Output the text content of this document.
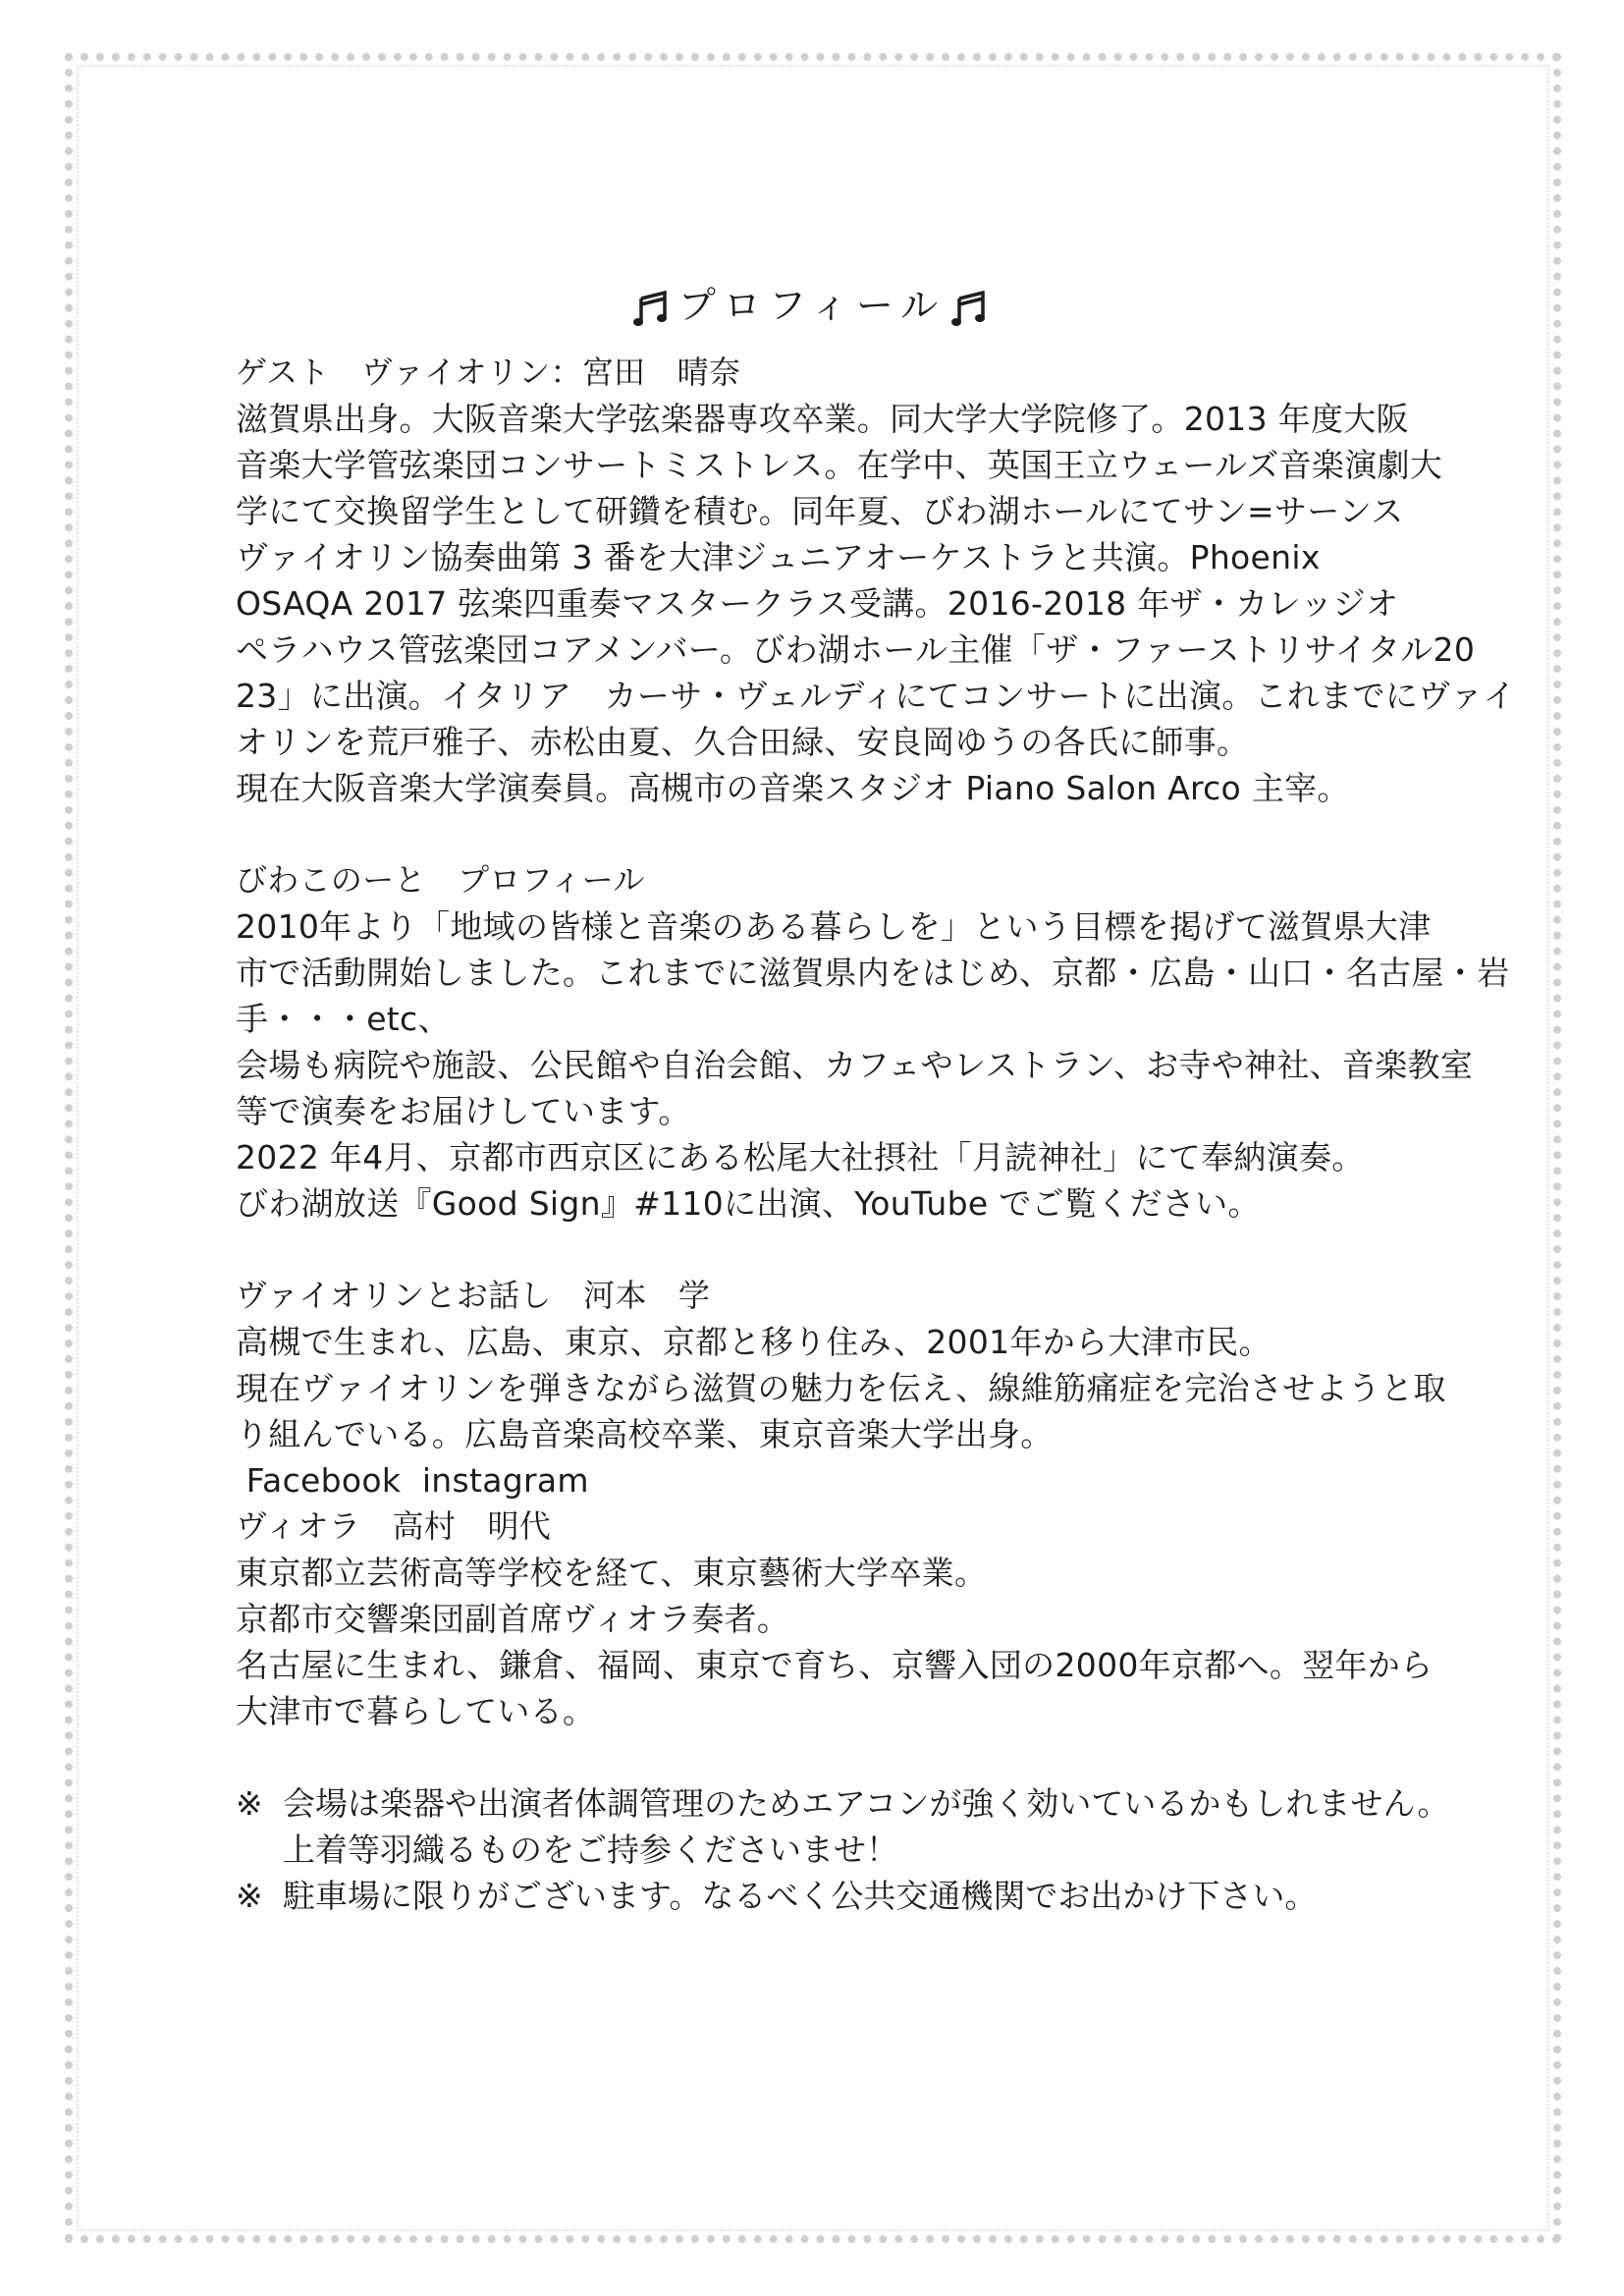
プロフィール
ゲスト　ヴァイオリン：宮田　晴奈
滋賀県出身。大阪音楽大学弦楽器専攻卒業。同大学大学院修了。2013 年度大阪
音楽大学管弦楽団コンサートミストレス。在学中、英国王立ウェールズ音楽演劇大
学にて交換留学生として研鑽を積む。同年夏、びわ湖ホールにてサン=サーンス
ヴァイオリン協奏曲第 3 番を大津ジュニアオーケストラと共演。Phoenix
OSAQA 2017 弦楽四重奏マスタークラス受講。2016-2018 年ザ・カレッジオ
ペラハウス管弦楽団コアメンバー。びわ湖ホール主催「ザ・ファーストリサイタル20
23」に出演。イタリア　カーサ・ヴェルディにてコンサートに出演。これまでにヴァイ
オリンを荒戸雅子、赤松由夏、久合田緑、安良岡ゆうの各氏に師事。
現在大阪音楽大学演奏員。高槻市の音楽スタジオ Piano Salon Arco 主宰。
びわこのーと　プロフィール
2010年より「地域の皆様と音楽のある暮らしを」という目標を掲げて滋賀県大津
市で活動開始しました。これまでに滋賀県内をはじめ、京都・広島・山口・名古屋・岩
手・・・etc、
会場も病院や施設、公民館や自治会館、カフェやレストラン、お寺や神社、音楽教室
等で演奏をお届けしています。
2022 年4月、京都市西京区にある松尾大社摂社「月読神社」にて奉納演奏。
びわ湖放送『Good Sign』#110に出演、YouTube でご覧ください。
ヴァイオリンとお話し　河本　学
高槻で生まれ、広島、東京、京都と移り住み、2001年から大津市民。
現在ヴァイオリンを弾きながら滋賀の魅力を伝え、線維筋痛症を完治させようと取
り組んでいる。広島音楽高校卒業、東京音楽大学出身。
Facebook  instagram
ヴィオラ　高村　明代
東京都立芸術高等学校を経て、東京藝術大学卒業。
京都市交響楽団副首席ヴィオラ奏者。
名古屋に生まれ、鎌倉、福岡、東京で育ち、京響入団の2000年京都へ。翌年から
大津市で暮らしている。
※ 会場は楽器や出演者体調管理のためエアコンが強く効いているかもしれません。
上着等羽織るものをご持参くださいませ！
※ 駐車場に限りがございます。なるべく公共交通機関でお出かけ下さい。
